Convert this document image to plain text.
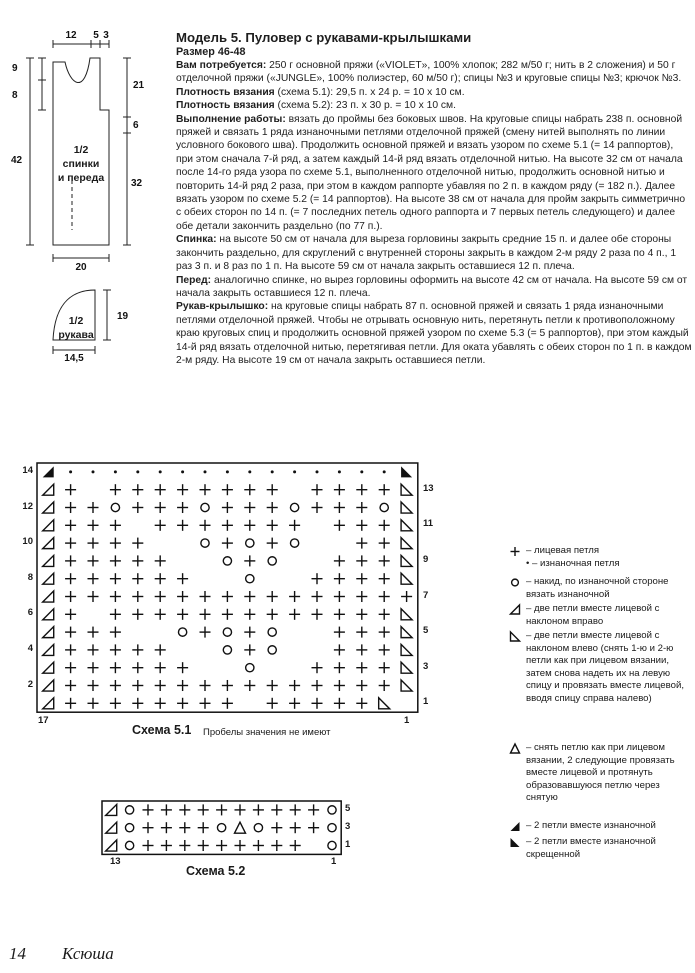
12 5 3
9
8
42
21
6
32
20
1/2
спинки
и переда
1/2
рукава
19
14,5

Модель 5. Пуловер с рукавами-крылышками

Размер 46-48

Вам потребуется: 250 г основной пряжи («VIOLET», 100% хлопок; 282 м/50 г; нить в 2 сложения) и 50 г отделочной пряжи («JUNGLE», 100% полиэстер, 60 м/50 г); спицы №3 и круговые спицы №3; крючок №3.

Плотность вязания (схема 5.1): 29,5 п. x 24 р. = 10 x 10 см.

Плотность вязания (схема 5.2): 23 п. x 30 р. = 10 x 10 см.

Выполнение работы: вязать до проймы без боковых швов. На круговые спицы набрать 238 п. основной пряжей и связать 1 ряда изнаночными петлями отделочной пряжей (смену нитей выполнять по линии условного бокового шва). Продолжить основной пряжей и вязать узором по схеме 5.1 (= 14 раппортов), при этом сначала 7-й ряд, а затем каждый 14-й ряд вязать отделочной нитью. На высоте 32 см от начала после 14-го ряда узора по схеме 5.1, выполненного отделочной нитью, продолжить основной нитью и повторить 14-й ряд 2 раза, при этом в каждом раппорте убавляя по 2 п. в каждом ряду (= 182 п.). Далее вязать узором по схеме 5.2 (= 14 раппортов). На высоте 38 см от начала для пройм закрыть симметрично с обеих сторон по 14 п. (= 7 последних петель одного раппорта и 7 первых петель следующего) и далее обе детали закончить раздельно (по 77 п.).

Спинка: на высоте 50 см от начала для выреза горловины закрыть средние 15 п. и далее обе стороны закончить раздельно, для скруглений с внутренней стороны закрыть в каждом 2-м ряду 2 раза по 4 п., 1 раз 3 п. и 8 раз по 1 п. На высоте 59 см от начала закрыть оставшиеся 12 п. плеча.

Перед: аналогично спинке, но вырез горловины оформить на высоте 42 см от начала. На высоте 59 см от начала закрыть оставшиеся 12 п. плеча.

Рукав-крылышко: на круговые спицы набрать 87 п. основной пряжей и связать 1 ряда изнаночными петлями отделочной пряжей. Чтобы не отрывать основную нить, перетянуть петли к противоположному краю круговых спиц и продолжить основной пряжей узором по схеме 5.3 (= 5 раппортов), при этом каждый 14-й ряд вязать отделочной нитью, перетягивая петли. Для оката убавлять с обеих сторон по 1 п. в каждом 2-м ряду. На высоте 19 см от начала закрыть оставшиеся петли.

14
12
10
8
6
4
2
13
11
9
7
5
3
1
17	1
Схема 5.1 Пробелы значения не имеют
5
3
1
13	1
Схема 5.2
– лицевая петля
• – изнаночная петля
– накид, по изнаночной стороне вязать изнаночной
– две петли вместе лицевой с наклоном вправо
– две петли вместе лицевой с наклоном влево (снять 1-ю и 2-ю петли как при лицевом вязании, затем снова надеть их на левую спицу и провязать вместе лицевой, вводя спицу справа налево)
– снять петлю как при лицевом вязании, 2 следующие провязать вместе лицевой и протянуть образовавшуюся петлю через снятую
– 2 петли вместе изнаночной
– 2 петли вместе изнаночной скрещенной
14 Ксюша
